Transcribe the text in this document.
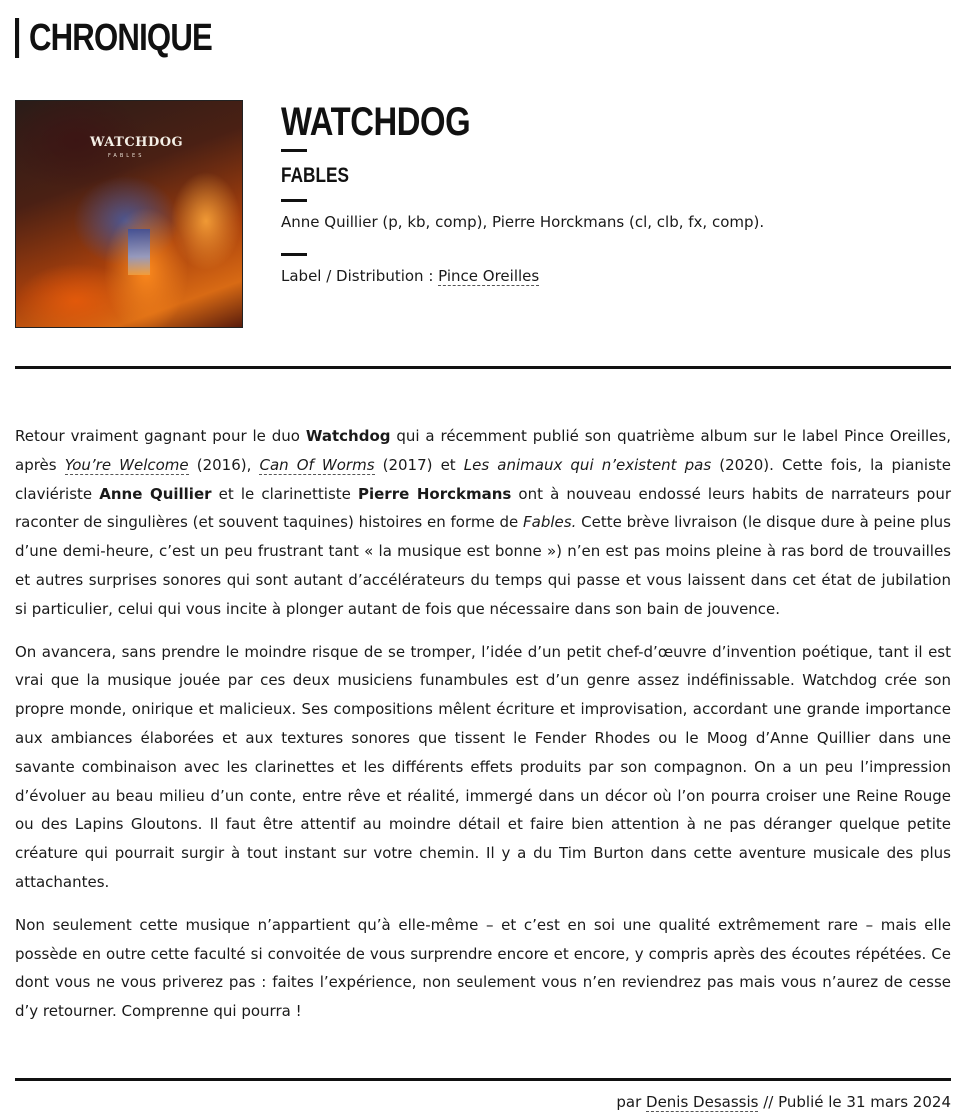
CHRONIQUE
WATCHDOG
FABLES
WATCHDOG
FABLES
Anne Quillier (p, kb, comp), Pierre Horckmans (cl, clb, fx, comp).
Label / Distribution : Pince Oreilles

Retour vraiment gagnant pour le duo Watchdog qui a récemment publié son quatrième album sur le label Pince Oreilles, après You’re Welcome (2016), Can Of Worms (2017) et Les animaux qui n’existent pas (2020). Cette fois, la pianiste claviériste Anne Quillier et le clarinettiste Pierre Horckmans ont à nouveau endossé leurs habits de narrateurs pour raconter de singulières (et souvent taquines) histoires en forme de Fables. Cette brève livraison (le disque dure à peine plus d’une demi-heure, c’est un peu frustrant tant « la musique est bonne ») n’en est pas moins pleine à ras bord de trouvailles et autres surprises sonores qui sont autant d’accélérateurs du temps qui passe et vous laissent dans cet état de jubilation si particulier, celui qui vous incite à plonger autant de fois que nécessaire dans son bain de jouvence.

On avancera, sans prendre le moindre risque de se tromper, l’idée d’un petit chef-d’œuvre d’invention poétique, tant il est vrai que la musique jouée par ces deux musiciens funambules est d’un genre assez indéfinissable. Watchdog crée son propre monde, onirique et malicieux. Ses compositions mêlent écriture et improvisation, accordant une grande importance aux ambiances élaborées et aux textures sonores que tissent le Fender Rhodes ou le Moog d’Anne Quillier dans une savante combinaison avec les clarinettes et les différents effets produits par son compagnon. On a un peu l’impression d’évoluer au beau milieu d’un conte, entre rêve et réalité, immergé dans un décor où l’on pourra croiser une Reine Rouge ou des Lapins Gloutons. Il faut être attentif au moindre détail et faire bien attention à ne pas déranger quelque petite créature qui pourrait surgir à tout instant sur votre chemin. Il y a du Tim Burton dans cette aventure musicale des plus attachantes.

Non seulement cette musique n’appartient qu’à elle-même – et c’est en soi une qualité extrêmement rare – mais elle possède en outre cette faculté si convoitée de vous surprendre encore et encore, y compris après des écoutes répétées. Ce dont vous ne vous priverez pas : faites l’expérience, non seulement vous n’en reviendrez pas mais vous n’aurez de cesse d’y retourner. Comprenne qui pourra !

par Denis Desassis // Publié le 31 mars 2024
